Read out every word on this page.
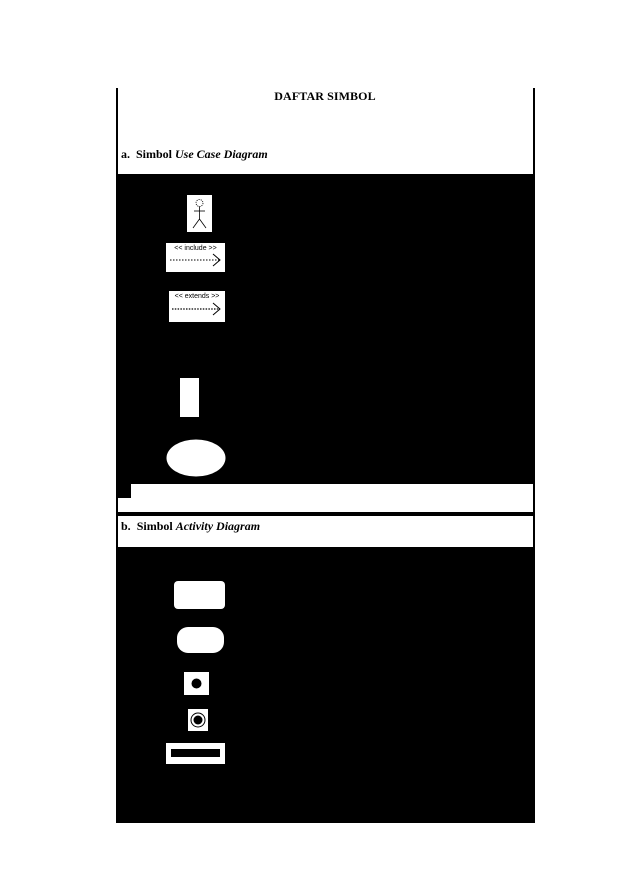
DAFTAR SIMBOL
a. Simbol Use Case Diagram
<< include >>
<< extends >>
b. Simbol Activity Diagram
